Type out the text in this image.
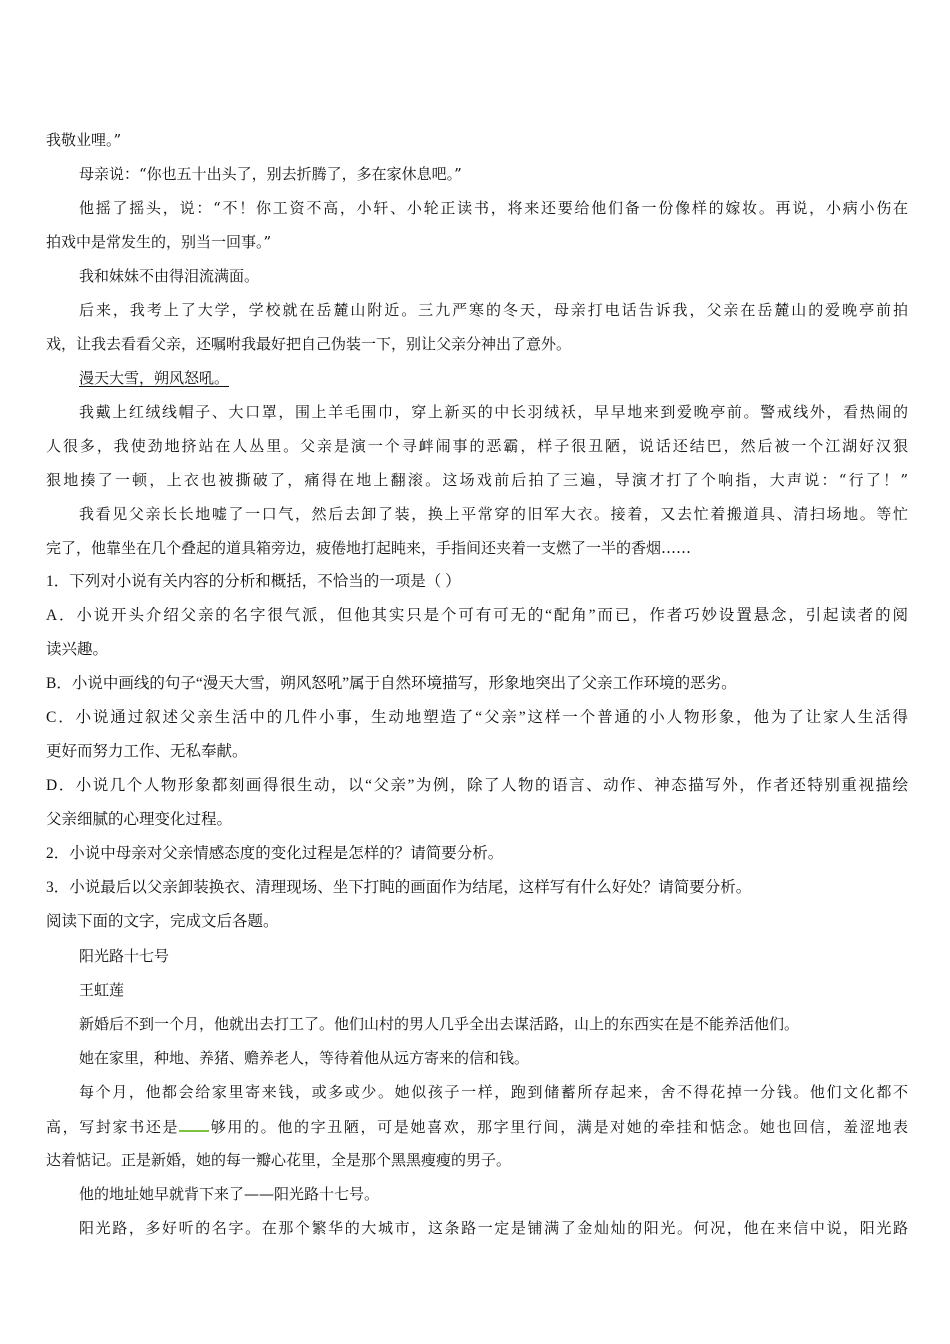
我敬业哩。”
母亲说：“你也五十出头了，别去折腾了，多在家休息吧。”
他摇了摇头，说：“不！你工资不高，小轩、小轮正读书，将来还要给他们备一份像样的嫁妆。再说，小病小伤在
拍戏中是常发生的，别当一回事。”
我和妹妹不由得泪流满面。
后来，我考上了大学，学校就在岳麓山附近。三九严寒的冬天，母亲打电话告诉我，父亲在岳麓山的爱晚亭前拍
戏，让我去看看父亲，还嘱咐我最好把自己伪装一下，别让父亲分神出了意外。
漫天大雪，朔风怒吼。
我戴上红绒线帽子、大口罩，围上羊毛围巾，穿上新买的中长羽绒袄，早早地来到爱晚亭前。警戒线外，看热闹的
人很多，我使劲地挤站在人丛里。父亲是演一个寻衅闹事的恶霸，样子很丑陋，说话还结巴，然后被一个江湖好汉狠
狠地揍了一顿，上衣也被撕破了，痛得在地上翻滚。这场戏前后拍了三遍，导演才打了个响指，大声说：“行了！”
我看见父亲长长地嘘了一口气，然后去卸了装，换上平常穿的旧军大衣。接着，又去忙着搬道具、清扫场地。等忙
完了，他靠坐在几个叠起的道具箱旁边，疲倦地打起盹来，手指间还夹着一支燃了一半的香烟……
1．下列对小说有关内容的分析和概括，不恰当的一项是（ ）
A．小说开头介绍父亲的名字很气派，但他其实只是个可有可无的“配角”而已，作者巧妙设置悬念，引起读者的阅
读兴趣。
B．小说中画线的句子“漫天大雪，朔风怒吼”属于自然环境描写，形象地突出了父亲工作环境的恶劣。
C．小说通过叙述父亲生活中的几件小事，生动地塑造了“父亲”这样一个普通的小人物形象，他为了让家人生活得
更好而努力工作、无私奉献。
D．小说几个人物形象都刻画得很生动，以“父亲”为例，除了人物的语言、动作、神态描写外，作者还特别重视描绘
父亲细腻的心理变化过程。
2．小说中母亲对父亲情感态度的变化过程是怎样的？请简要分析。
3．小说最后以父亲卸装换衣、清理现场、坐下打盹的画面作为结尾，这样写有什么好处？请简要分析。
阅读下面的文字，完成文后各题。
阳光路十七号
王虹莲
新婚后不到一个月，他就出去打工了。他们山村的男人几乎全出去谋活路，山上的东西实在是不能养活他们。
她在家里，种地、养猪、赡养老人，等待着他从远方寄来的信和钱。
每个月，他都会给家里寄来钱，或多或少。她似孩子一样，跑到储蓄所存起来，舍不得花掉一分钱。他们文化都不
高，写封家书还是 够用的。他的字丑陋，可是她喜欢，那字里行间，满是对她的牵挂和惦念。她也回信，羞涩地表
达着惦记。正是新婚，她的每一瓣心花里，全是那个黑黑瘦瘦的男子。
他的地址她早就背下来了——阳光路十七号。
阳光路，多好听的名字。在那个繁华的大城市，这条路一定是铺满了金灿灿的阳光。何况，他在来信中说，阳光路
